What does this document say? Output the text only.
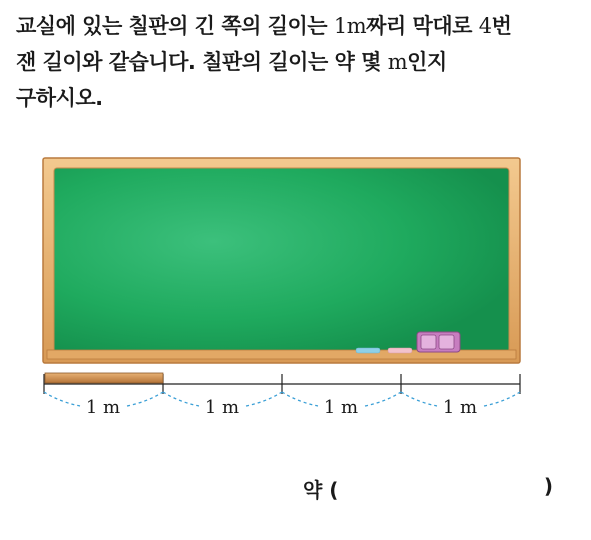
교실에 있는 칠판의 긴 쪽의 길이는 1m짜리 막대로 4번
잰 길이와 같습니다. 칠판의 길이는 약 몇 m인지
구하시오.
1 m	1 m	1 m	1 m
약 (	)
